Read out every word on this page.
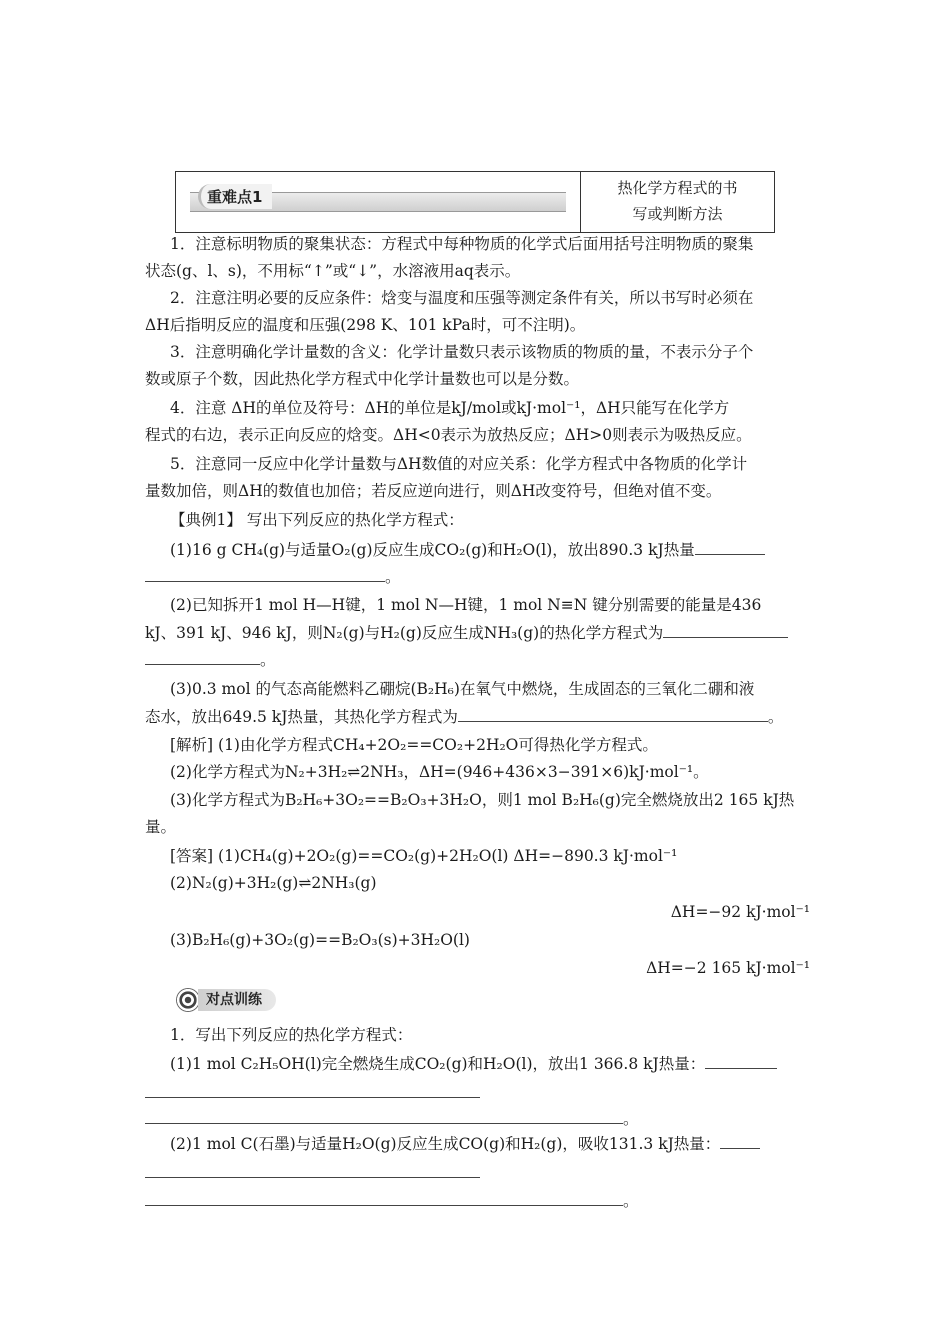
重难点1	热化学方程式的书
写或判断方法
1．注意标明物质的聚集状态：方程式中每种物质的化学式后面用括号注明物质的聚集
状态(g、l、s)，不用标“↑”或“↓”，水溶液用aq表示。
2．注意注明必要的反应条件：焓变与温度和压强等测定条件有关，所以书写时必须在
ΔH后指明反应的温度和压强(298 K、101 kPa时，可不注明)。
3．注意明确化学计量数的含义：化学计量数只表示该物质的物质的量，不表示分子个
数或原子个数，因此热化学方程式中化学计量数也可以是分数。
4．注意 ΔH的单位及符号：ΔH的单位是kJ/mol或kJ·mol⁻¹，ΔH只能写在化学方
程式的右边，表示正向反应的焓变。ΔH<0表示为放热反应；ΔH>0则表示为吸热反应。
5．注意同一反应中化学计量数与ΔH数值的对应关系：化学方程式中各物质的化学计
量数加倍，则ΔH的数值也加倍；若反应逆向进行，则ΔH改变符号，但绝对值不变。
【典例1】 写出下列反应的热化学方程式：
(1)16 g CH₄(g)与适量O₂(g)反应生成CO₂(g)和H₂O(l)，放出890.3 kJ热量
。
(2)已知拆开1 mol H—H键，1 mol N—H键，1 mol N≡N 键分别需要的能量是436
kJ、391 kJ、946 kJ，则N₂(g)与H₂(g)反应生成NH₃(g)的热化学方程式为
。
(3)0.3 mol 的气态高能燃料乙硼烷(B₂H₆)在氧气中燃烧，生成固态的三氧化二硼和液
态水，放出649.5 kJ热量，其热化学方程式为	。
[解析] (1)由化学方程式CH₄+2O₂==CO₂+2H₂O可得热化学方程式。
(2)化学方程式为N₂+3H₂⇌2NH₃，ΔH=(946+436×3−391×6)kJ·mol⁻¹。
(3)化学方程式为B₂H₆+3O₂==B₂O₃+3H₂O，则1 mol B₂H₆(g)完全燃烧放出2 165 kJ热
量。
[答案] (1)CH₄(g)+2O₂(g)==CO₂(g)+2H₂O(l) ΔH=−890.3 kJ·mol⁻¹
(2)N₂(g)+3H₂(g)⇌2NH₃(g)
ΔH=−92 kJ·mol⁻¹
(3)B₂H₆(g)+3O₂(g)==B₂O₃(s)+3H₂O(l)
ΔH=−2 165 kJ·mol⁻¹
对点训练
1．写出下列反应的热化学方程式：
(1)1 mol C₂H₅OH(l)完全燃烧生成CO₂(g)和H₂O(l)，放出1 366.8 kJ热量：
。
(2)1 mol C(石墨)与适量H₂O(g)反应生成CO(g)和H₂(g)，吸收131.3 kJ热量：
。
